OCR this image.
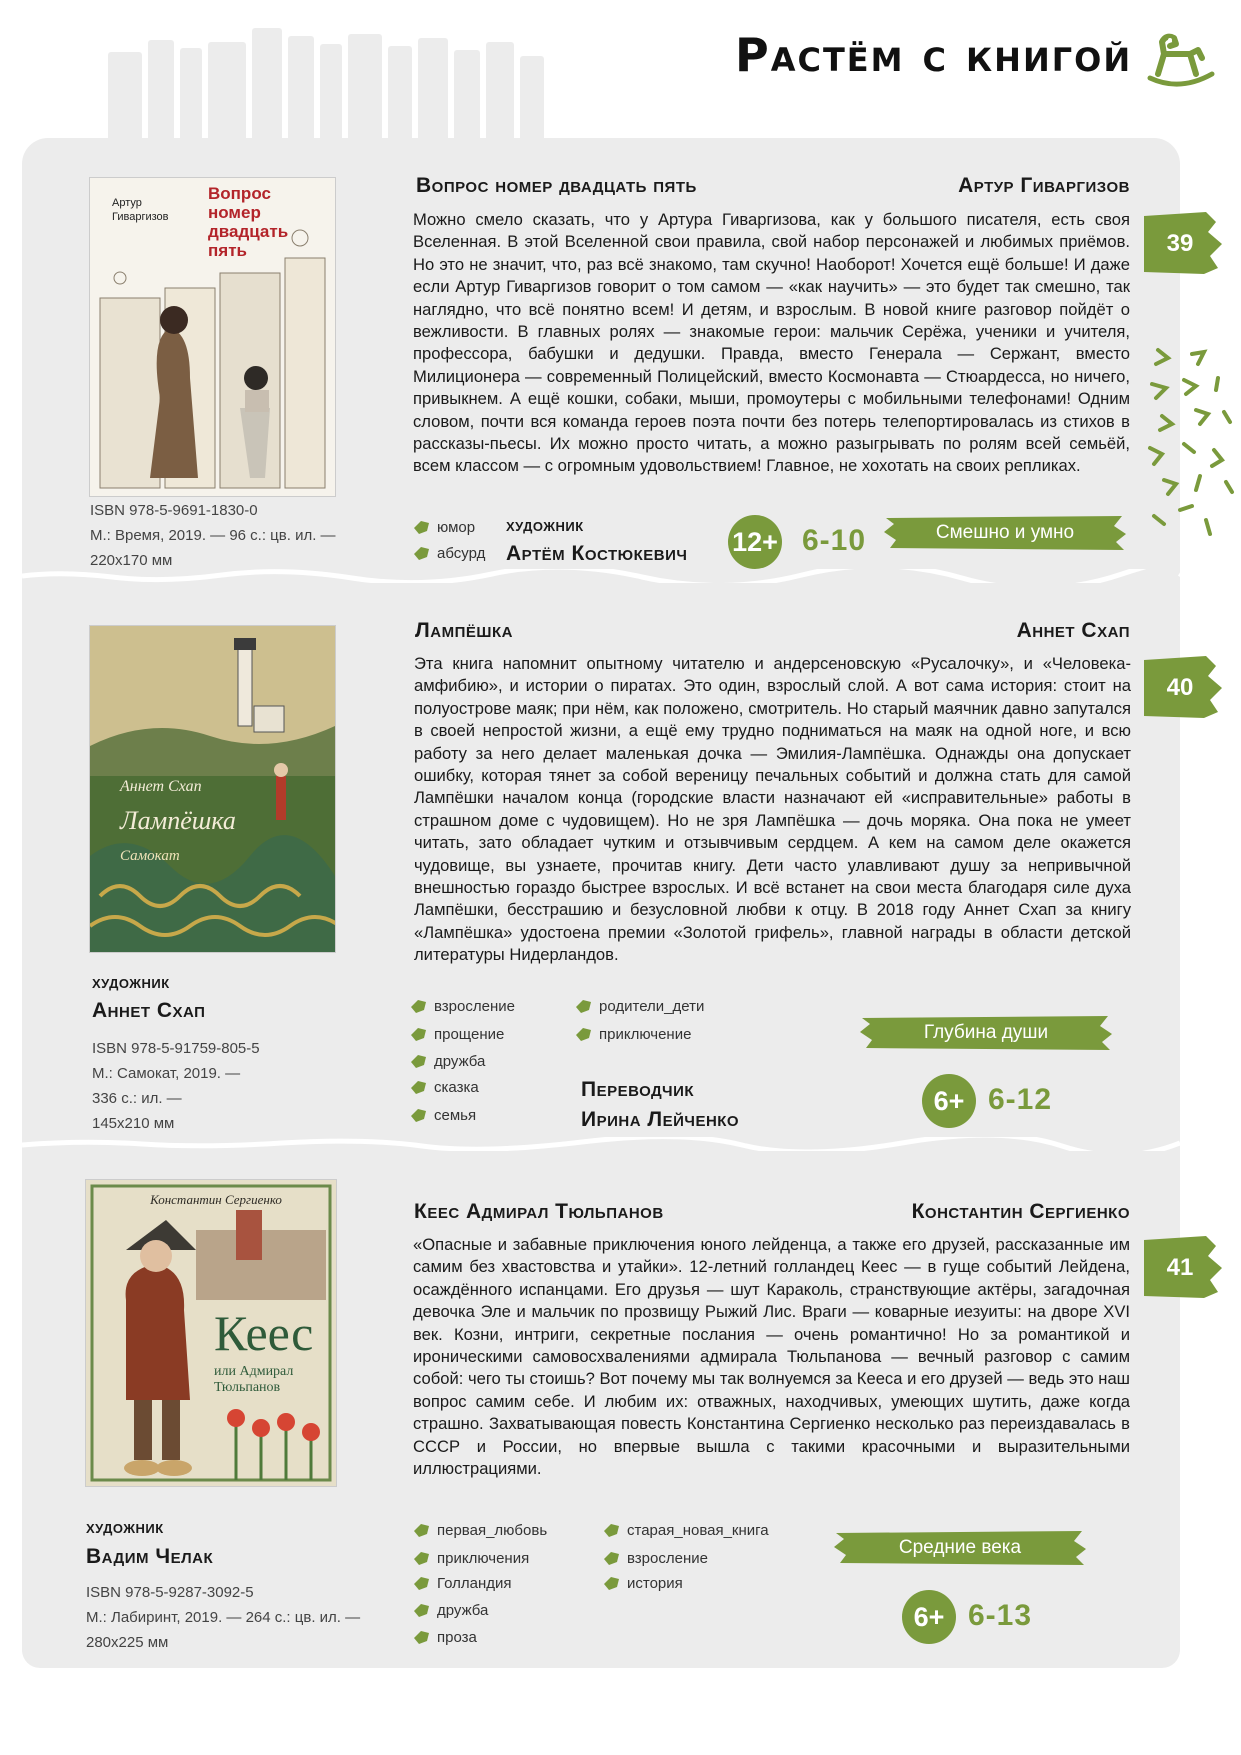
Растём с книгой
Артур Гиваргизов
Вопрос номер двадцать пять
ISBN 978-5-9691-1830-0
М.: Время, 2019. — 96 с.: цв. ил. —
220х170 мм
Вопрос номер двадцать пять	Артур Гиваргизов
Можно смело сказать, что у Артура Гиваргизова, как у большого писателя, есть своя Вселенная. В этой Вселенной свои правила, свой набор персонажей и любимых приёмов. Но это не значит, что, раз всё знакомо, там скучно! Наоборот! Хочется ещё больше! И даже если Артур Гиваргизов говорит о том самом — «как научить» — это будет так смешно, так наглядно, что всё понятно всем! И детям, и взрослым. В новой книге разговор пойдёт о вежливости. В главных ролях — знакомые герои: мальчик Серёжа, ученики и учителя, профессора, бабушки и дедушки. Правда, вместо Генерала — Сержант, вместо Милиционера — современный Полицейский, вместо Космонавта — Стюардесса, но ничего, привыкнем. А ещё кошки, собаки, мыши, промоутеры с мобильными телефонами! Одним словом, почти вся команда героев поэта почти без потерь телепортировалась из стихов в рассказы-пьесы. Их можно просто читать, а можно разыгрывать по ролям всей семьёй, всем классом — с огромным удовольствием! Главное, не хохотать на своих репликах.
юмор
абсурд
художник
Артём Костюкевич 12+ 6-10	Смешно и умно
39
Аннет Схап
Лампёшка
Самокат
художник
Аннет Схап
ISBN 978-5-91759-805-5
М.: Самокат, 2019. —
336 с.: ил. —
145х210 мм
Лампёшка	Аннет Схап
Эта книга напомнит опытному читателю и андерсеновскую «Русалочку», и «Человека-амфибию», и истории о пиратах. Это один, взрослый слой. А вот сама история: стоит на полуострове маяк; при нём, как положено, смотритель. Но старый маячник давно запутался в своей непростой жизни, а ещё ему трудно подниматься на маяк на одной ноге, и всю работу за него делает маленькая дочка — Эмилия-Лампёшка. Однажды она допускает ошибку, которая тянет за собой вереницу печальных событий и должна стать для самой Лампёшки началом конца (городские власти назначают ей «исправительные» работы в страшном доме с чудовищем). Но не зря Лампёшка — дочь моряка. Она пока не умеет читать, зато обладает чутким и отзывчивым сердцем. А кем на самом деле окажется чудовище, вы узнаете, прочитав книгу. Дети часто улавливают душу за непривычной внешностью гораздо быстрее взрослых. И всё встанет на свои места благодаря силе духа Лампёшки, бесстрашию и безусловной любви к отцу. В 2018 году Аннет Схап за книгу «Лампёшка» удостоена премии «Золотой грифель», главной награды в области детской литературы Нидерландов.
взросление
прощение
дружба
сказка
семья
родители_дети
приключение
Переводчик
Ирина Лейченко
Глубина души
6+ 6-12
40
Константин Сергиенко
Кеес
или Адмирал Тюльпанов
художник
Вадим Челак
ISBN 978-5-9287-3092-5
М.: Лабиринт, 2019. — 264 с.: цв. ил. —
280х225 мм
Кеес Адмирал Тюльпанов	Константин Сергиенко
«Опасные и забавные приключения юного лейденца, а также его друзей, рассказанные им самим без хвастовства и утайки». 12-летний голландец Кеес — в гуще событий Лейдена, осаждённого испанцами. Его друзья — шут Караколь, странствующие актёры, загадочная девочка Эле и мальчик по прозвищу Рыжий Лис. Враги — коварные иезуиты: на дворе XVI век. Козни, интриги, секретные послания — очень романтично! Но за романтикой и ироническими самовосхвалениями адмирала Тюльпанова — вечный разговор с самим собой: чего ты стоишь? Вот почему мы так волнуемся за Кееса и его друзей — ведь это наш вопрос самим себе. И любим их: отважных, находчивых, умеющих шутить, даже когда страшно. Захватывающая повесть Константина Сергиенко несколько раз переиздавалась в СССР и России, но впервые вышла с такими красочными и выразительными иллюстрациями.
первая_любовь
приключения
Голландия
дружба
проза
старая_новая_книга
взросление
история
Средние века
6+ 6-13
41
